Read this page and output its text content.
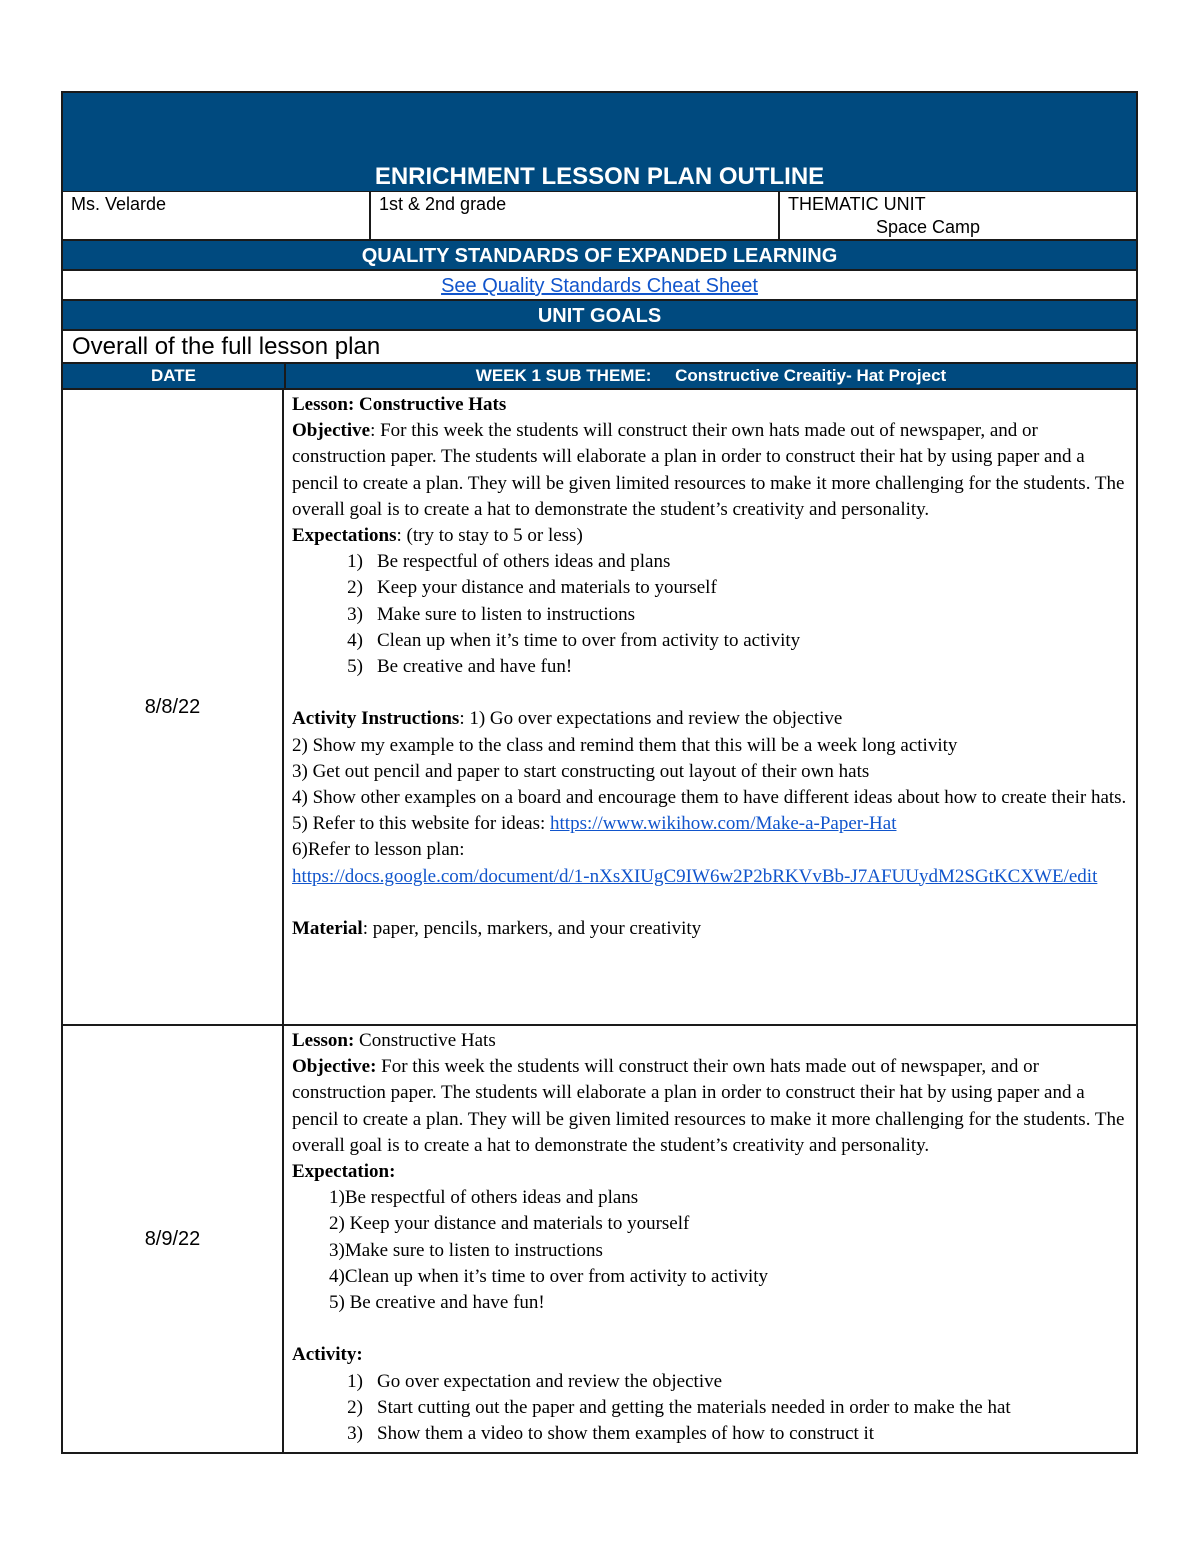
ENRICHMENT LESSON PLAN OUTLINE
Ms. Velarde	1st & 2nd grade	THEMATIC UNIT
Space Camp
QUALITY STANDARDS OF EXPANDED LEARNING
See Quality Standards Cheat Sheet
UNIT GOALS
Overall of the full lesson plan
DATE	WEEK 1 SUB THEME:     Constructive Creaitiy- Hat Project
8/8/22

Lesson: Constructive Hats

Objective: For this week the students will construct their own hats made out of newspaper, and or construction paper. The students will elaborate a plan in order to construct their hat by using paper and a pencil to create a plan. They will be given limited resources to make it more challenging for the students. The overall goal is to create a hat to demonstrate the student’s creativity and personality.

Expectations: (try to stay to 5 or less)

1) Be respectful of others ideas and plans
2) Keep your distance and materials to yourself
3) Make sure to listen to instructions
4) Clean up when it’s time to over from activity to activity
5) Be creative and have fun!

Activity Instructions: 1) Go over expectations and review the objective

2) Show my example to the class and remind them that this will be a week long activity

3) Get out pencil and paper to start constructing out layout of their own hats

4) Show other examples on a board and encourage them to have different ideas about how to create their hats.

5) Refer to this website for ideas: https://www.wikihow.com/Make-a-Paper-Hat

6)Refer to lesson plan:

https://docs.google.com/document/d/1-nXsXIUgC9IW6w2P2bRKVvBb-J7AFUUydM2SGtKCXWE/edit

Material: paper, pencils, markers, and your creativity

8/9/22

Lesson: Constructive Hats

Objective: For this week the students will construct their own hats made out of newspaper, and or construction paper. The students will elaborate a plan in order to construct their hat by using paper and a pencil to create a plan. They will be given limited resources to make it more challenging for the students. The overall goal is to create a hat to demonstrate the student’s creativity and personality.

Expectation:

1)Be respectful of others ideas and plans
2) Keep your distance and materials to yourself
3)Make sure to listen to instructions
4)Clean up when it’s time to over from activity to activity
5) Be creative and have fun!

Activity:

1) Go over expectation and review the objective
2) Start cutting out the paper and getting the materials needed in order to make the hat
3) Show them a video to show them examples of how to construct it
